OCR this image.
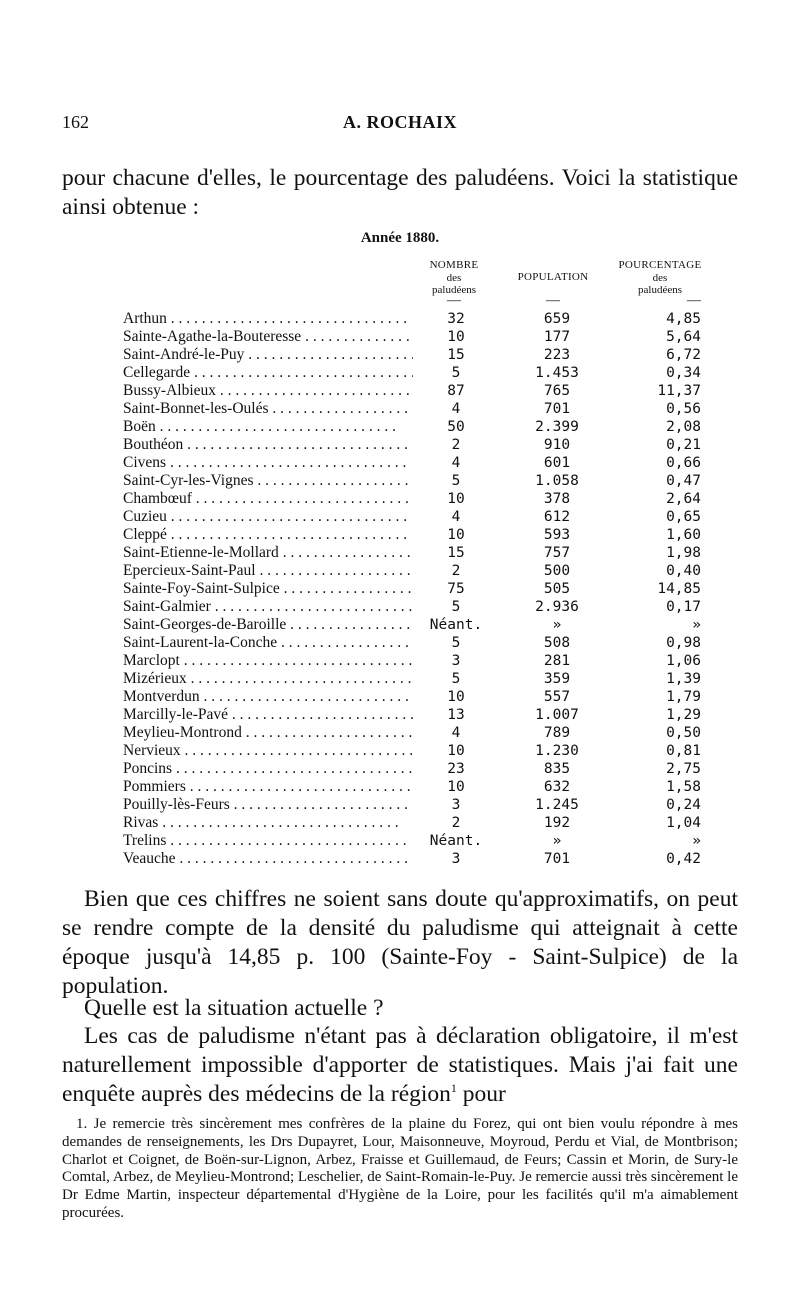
162	A. ROCHAIX

pour chacune d'elles, le pourcentage des paludéens. Voici la statistique ainsi obtenue :

Année 1880.
NOMBRE
des
paludéens
POPULATION
POURCENTAGE
des
paludéens
—	—	—
Arthun . . .	32	659	4,85
Sainte-Agathe-la-Bouteresse . . .	10	177	5,64
Saint-André-le-Puy . . .	15	223	6,72
Cellegarde . . .	5	1.453	0,34
Bussy-Albieux . . .	87	765	11,37
Saint-Bonnet-les-Oulés . . .	4	701	0,56
Boën . . .	50	2.399	2,08
Bouthéon . . .	2	910	0,21
Civens . . .	4	601	0,66
Saint-Cyr-les-Vignes . . .	5	1.058	0,47
Chambœuf . . .	10	378	2,64
Cuzieu . . .	4	612	0,65
Cleppé . . .	10	593	1,60
Saint-Etienne-le-Mollard . . .	15	757	1,98
Epercieux-Saint-Paul . . .	2	500	0,40
Sainte-Foy-Saint-Sulpice . . .	75	505	14,85
Saint-Galmier . . .	5	2.936	0,17
Saint-Georges-de-Baroille . . .	Néant.	»	»
Saint-Laurent-la-Conche . . .	5	508	0,98
Marclopt . . .	3	281	1,06
Mizérieux . . .	5	359	1,39
Montverdun . . .	10	557	1,79
Marcilly-le-Pavé . . .	13	1.007	1,29
Meylieu-Montrond . . .	4	789	0,50
Nervieux . . .	10	1.230	0,81
Poncins . . .	23	835	2,75
Pommiers . . .	10	632	1,58
Pouilly-lès-Feurs . . .	3	1.245	0,24
Rivas . . .	2	192	1,04
Trelins . . .	Néant.	»	»
Veauche . . .	3	701	0,42

Bien que ces chiffres ne soient sans doute qu'approximatifs, on peut se rendre compte de la densité du paludisme qui atteignait à cette époque jusqu'à 14,85 p. 100 (Sainte-Foy - Saint-Sulpice) de la population.

Quelle est la situation actuelle ?

Les cas de paludisme n'étant pas à déclaration obligatoire, il m'est naturellement impossible d'apporter de statistiques. Mais j'ai fait une enquête auprès des médecins de la région$^1$ pour

1. Je remercie très sincèrement mes confrères de la plaine du Forez, qui ont bien voulu répondre à mes demandes de renseignements, les Drs Dupayret, Lour, Maisonneuve, Moyroud, Perdu et Vial, de Montbrison; Charlot et Coignet, de Boën-sur-Lignon, Arbez, Fraisse et Guillemaud, de Feurs; Cassin et Morin, de Sury-le Comtal, Arbez, de Meylieu-Montrond; Leschelier, de Saint-Romain-le-Puy. Je remercie aussi très sincèrement le Dr Edme Martin, inspecteur départemental d'Hygiène de la Loire, pour les facilités qu'il m'a aimablement procurées.
